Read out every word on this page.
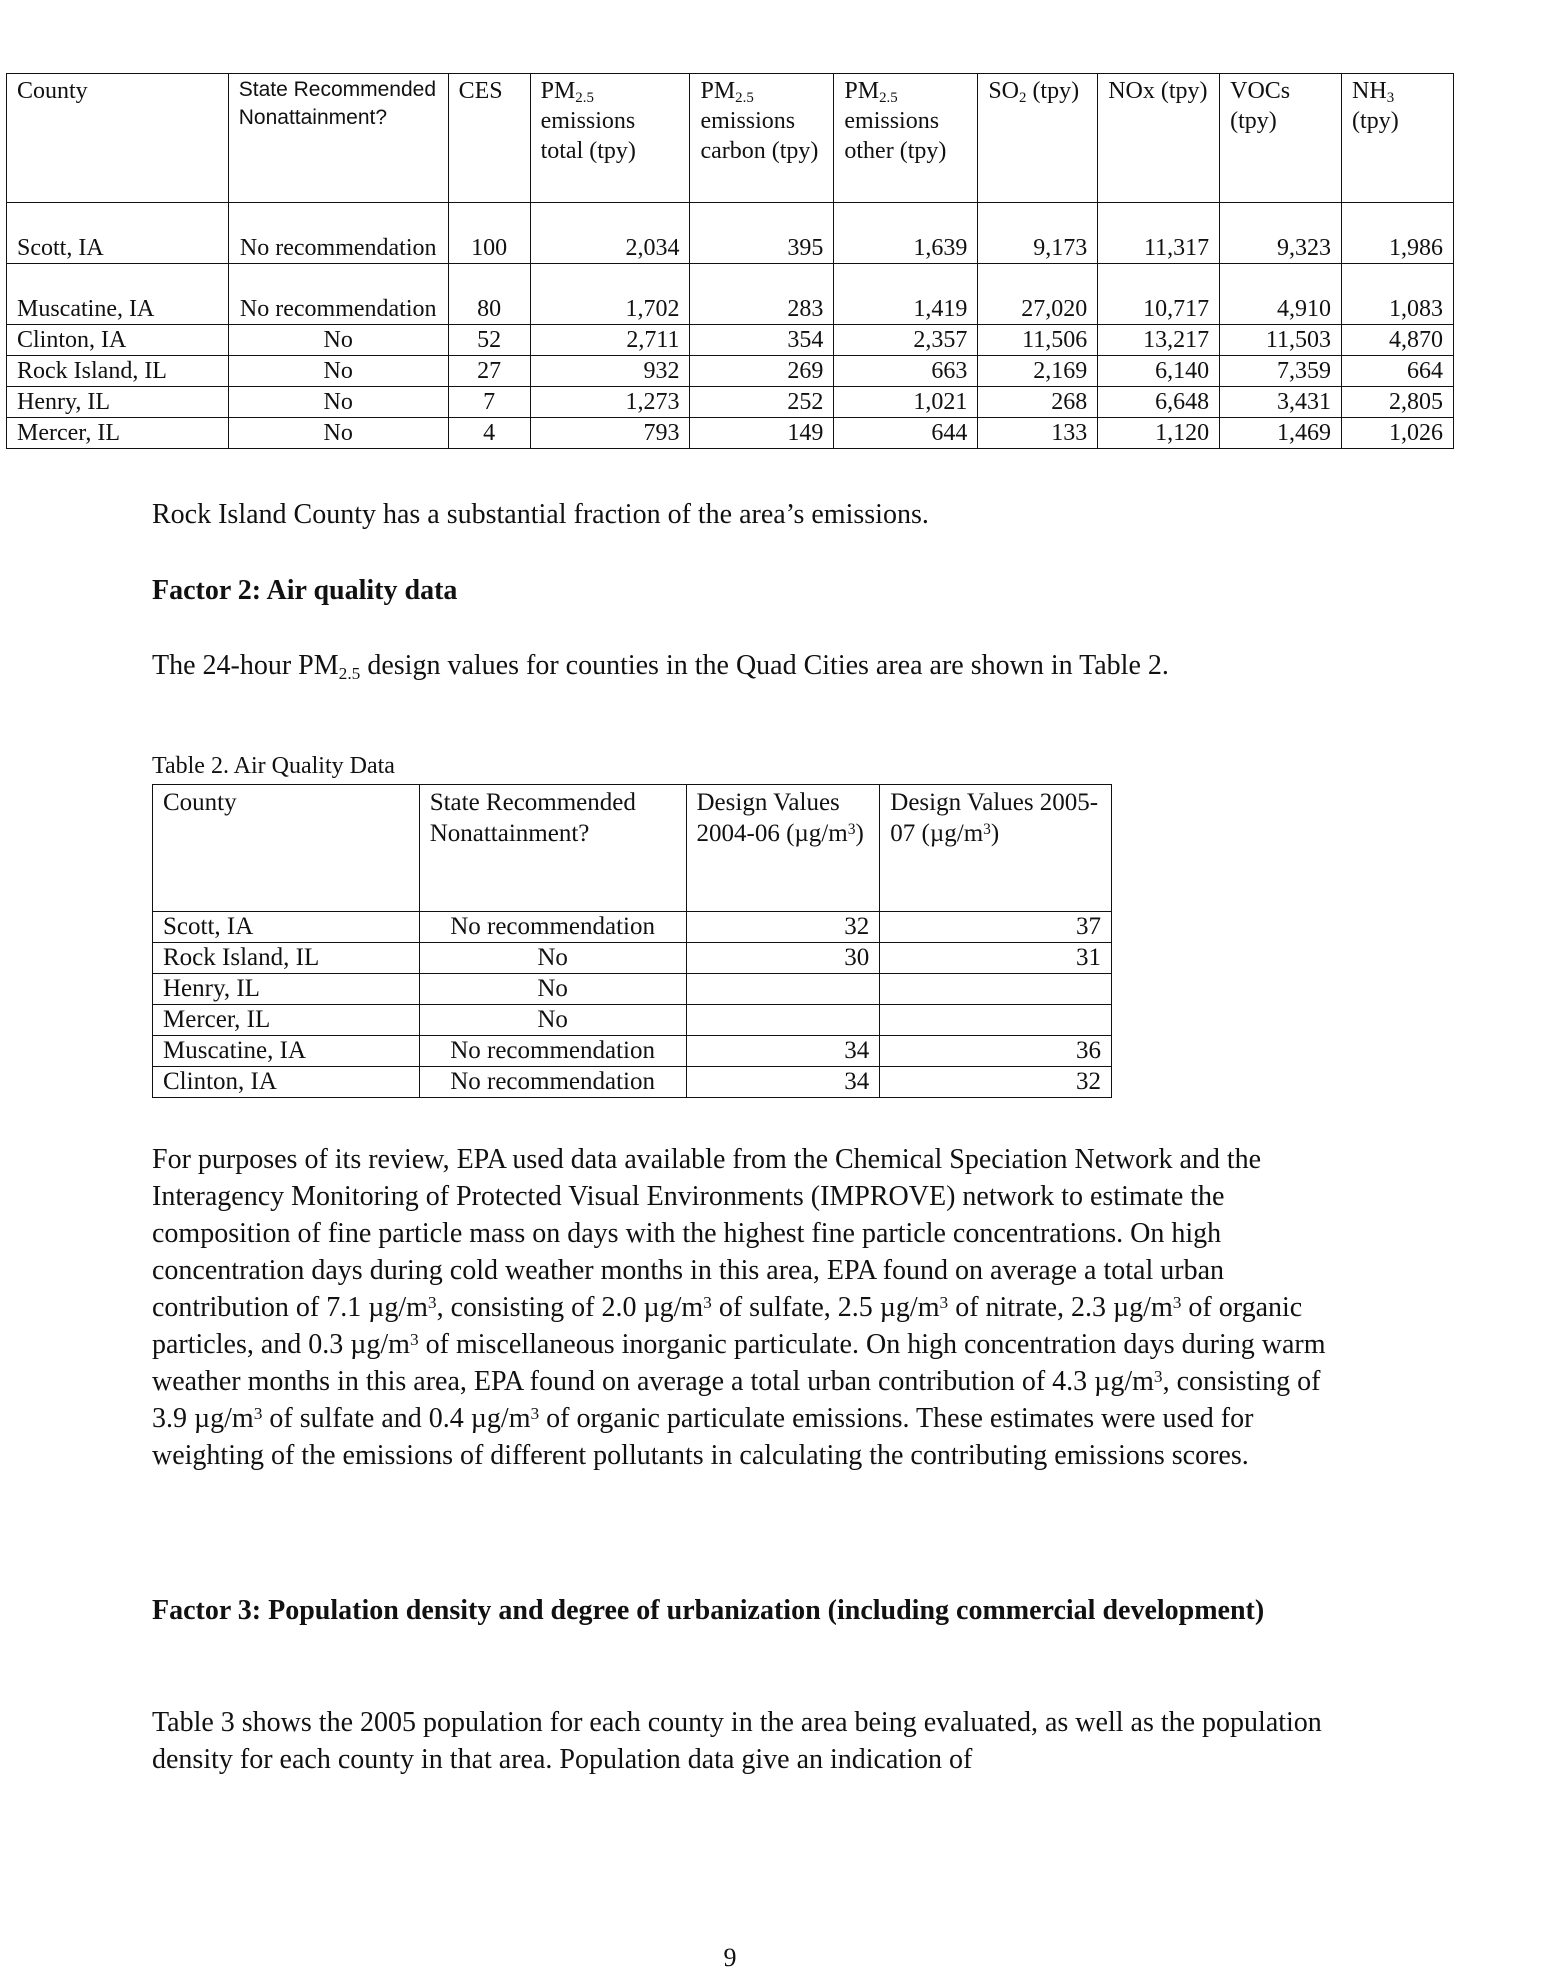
County	State Recommended Nonattainment?	CES	$PM_{2.5}$ emissions total (tpy)	$PM_{2.5}$ emissions carbon (tpy)	$PM_{2.5}$ emissions other (tpy)	$SO_2$ (tpy)	NOx (tpy)	VOCs (tpy)	$NH_3$ (tpy)
Scott, IA	No recommendation	100	2,034	395	1,639	9,173	11,317	9,323	1,986
Muscatine, IA	No recommendation	80	1,702	283	1,419	27,020	10,717	4,910	1,083
Clinton, IA	No	52	2,711	354	2,357	11,506	13,217	11,503	4,870
Rock Island, IL	No	27	932	269	663	2,169	6,140	7,359	664
Henry, IL	No	7	1,273	252	1,021	268	6,648	3,431	2,805
Mercer, IL	No	4	793	149	644	133	1,120	1,469	1,026

Rock Island County has a substantial fraction of the area’s emissions.

Factor 2: Air quality data

The 24-hour $PM_{2.5}$ design values for counties in the Quad Cities area are shown in Table 2.

Table 2. Air Quality Data
County	State Recommended Nonattainment?	Design Values 2004-06 $(\mu g/m^3)$	Design Values 2005-07 $(\mu g/m^3)$
Scott, IA	No recommendation	32	37
Rock Island, IL	No	30	31
Henry, IL	No		
Mercer, IL	No		
Muscatine, IA	No recommendation	34	36
Clinton, IA	No recommendation	34	32

For purposes of its review, EPA used data available from the Chemical Speciation Network and the Interagency Monitoring of Protected Visual Environments (IMPROVE) network to estimate the composition of fine particle mass on days with the highest fine particle concentrations. On high concentration days during cold weather months in this area, EPA found on average a total urban contribution of 7.1 $\mu g/m^3$, consisting of 2.0 $\mu g/m^3$ of sulfate, 2.5 $\mu g/m^3$ of nitrate, 2.3 $\mu g/m^3$ of organic particles, and 0.3 $\mu g/m^3$ of miscellaneous inorganic particulate. On high concentration days during warm weather months in this area, EPA found on average a total urban contribution of 4.3 $\mu g/m^3$, consisting of 3.9 $\mu g/m^3$ of sulfate and 0.4 $\mu g/m^3$ of organic particulate emissions. These estimates were used for weighting of the emissions of different pollutants in calculating the contributing emissions scores.

Factor 3: Population density and degree of urbanization (including commercial development)

Table 3 shows the 2005 population for each county in the area being evaluated, as well as the population density for each county in that area. Population data give an indication of

9
